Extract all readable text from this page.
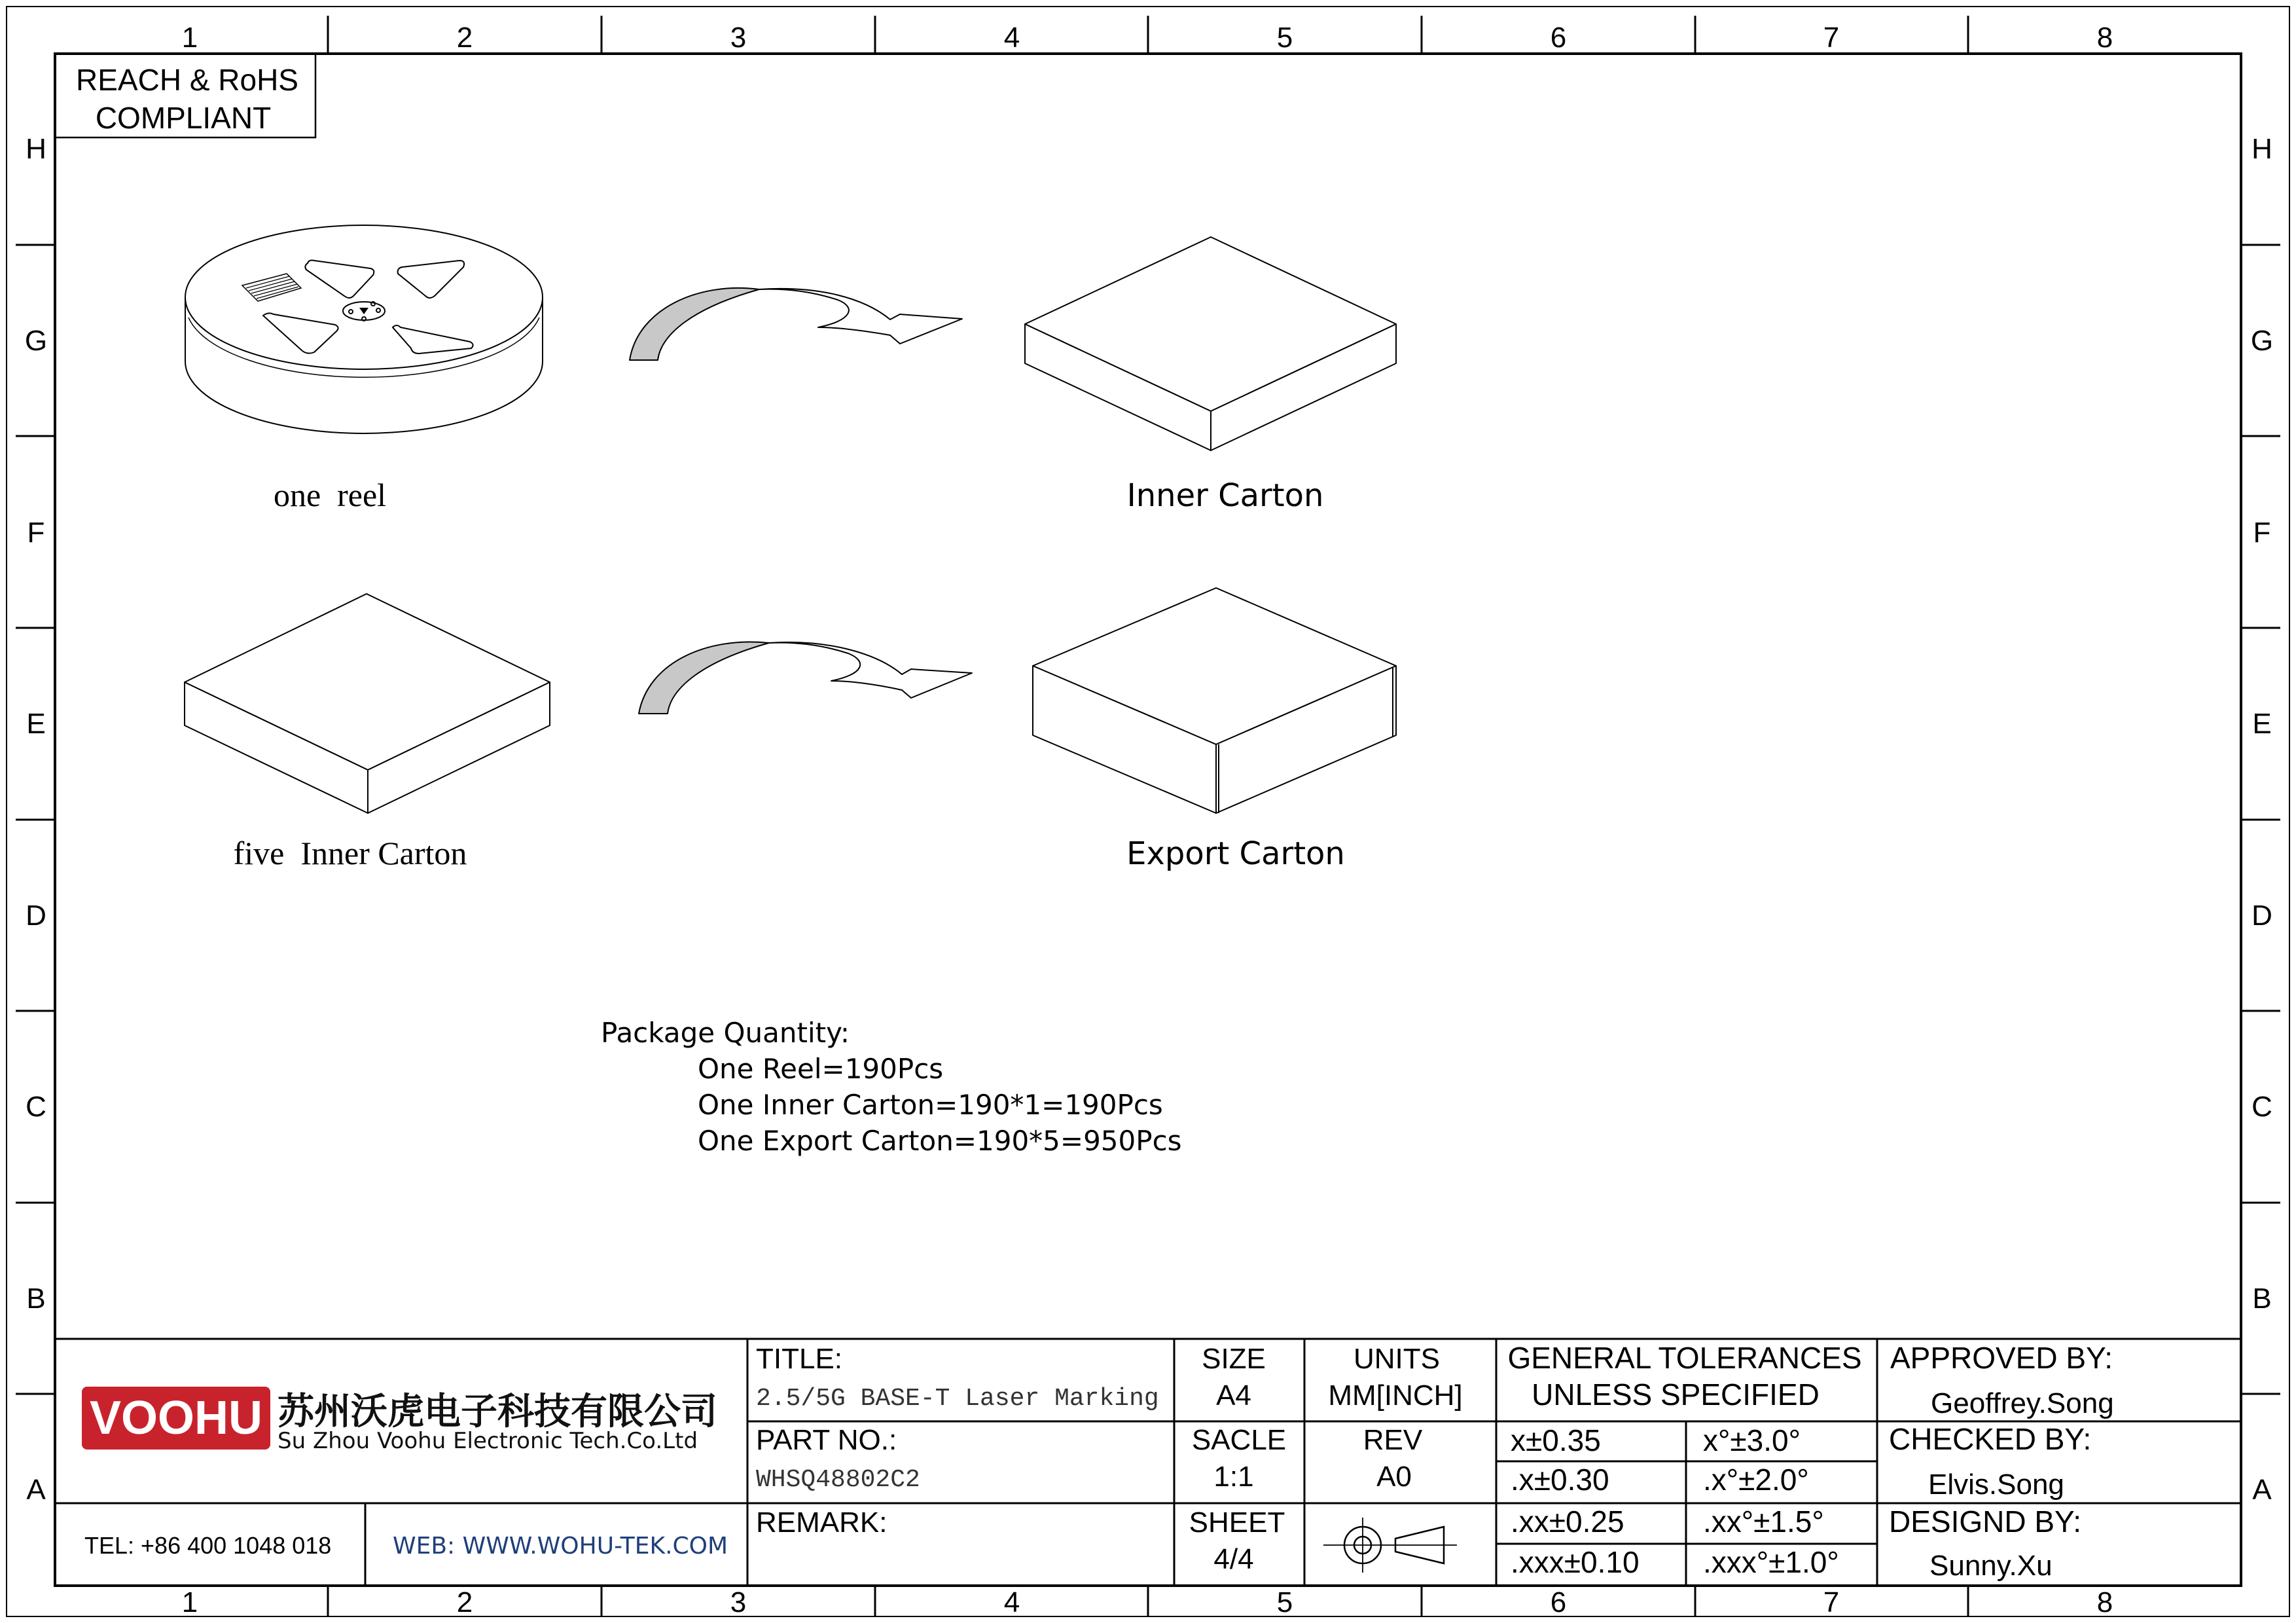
1	2	3	4	5	6	7	8
1	2	3	4	5	6	7	8
H
G
F
E
D
C
B
A
H
G
F
E
D
C
B
A
REACH & RoHS
COMPLIANT
one  reel	Inner Carton
five  Inner Carton	Export Carton
Package Quantity:
One Reel=190Pcs
One Inner Carton=190*1=190Pcs
One Export Carton=190*5=950Pcs
VOOHU 苏州沃虎电子科技有限公司
Su Zhou Voohu Electronic Tech.Co.Ltd
TEL: +86 400 1048 018	WEB: WWW.WOHU-TEK.COM
TITLE:
2.5/5G BASE-T Laser Marking
PART NO.:
WHSQ48802C2
REMARK:
SIZE
A4
SACLE
1:1
SHEET
4/4
UNITS
MM[INCH]
REV
A0
GENERAL TOLERANCES
UNLESS SPECIFIED
x±0.35	x°±3.0°
.x±0.30	.x°±2.0°
.xx±0.25	.xx°±1.5°
.xxx±0.10 .xxx°±1.0°
APPROVED BY:
Geoffrey.Song
CHECKED BY:
Elvis.Song
DESIGND BY:
Sunny.Xu
